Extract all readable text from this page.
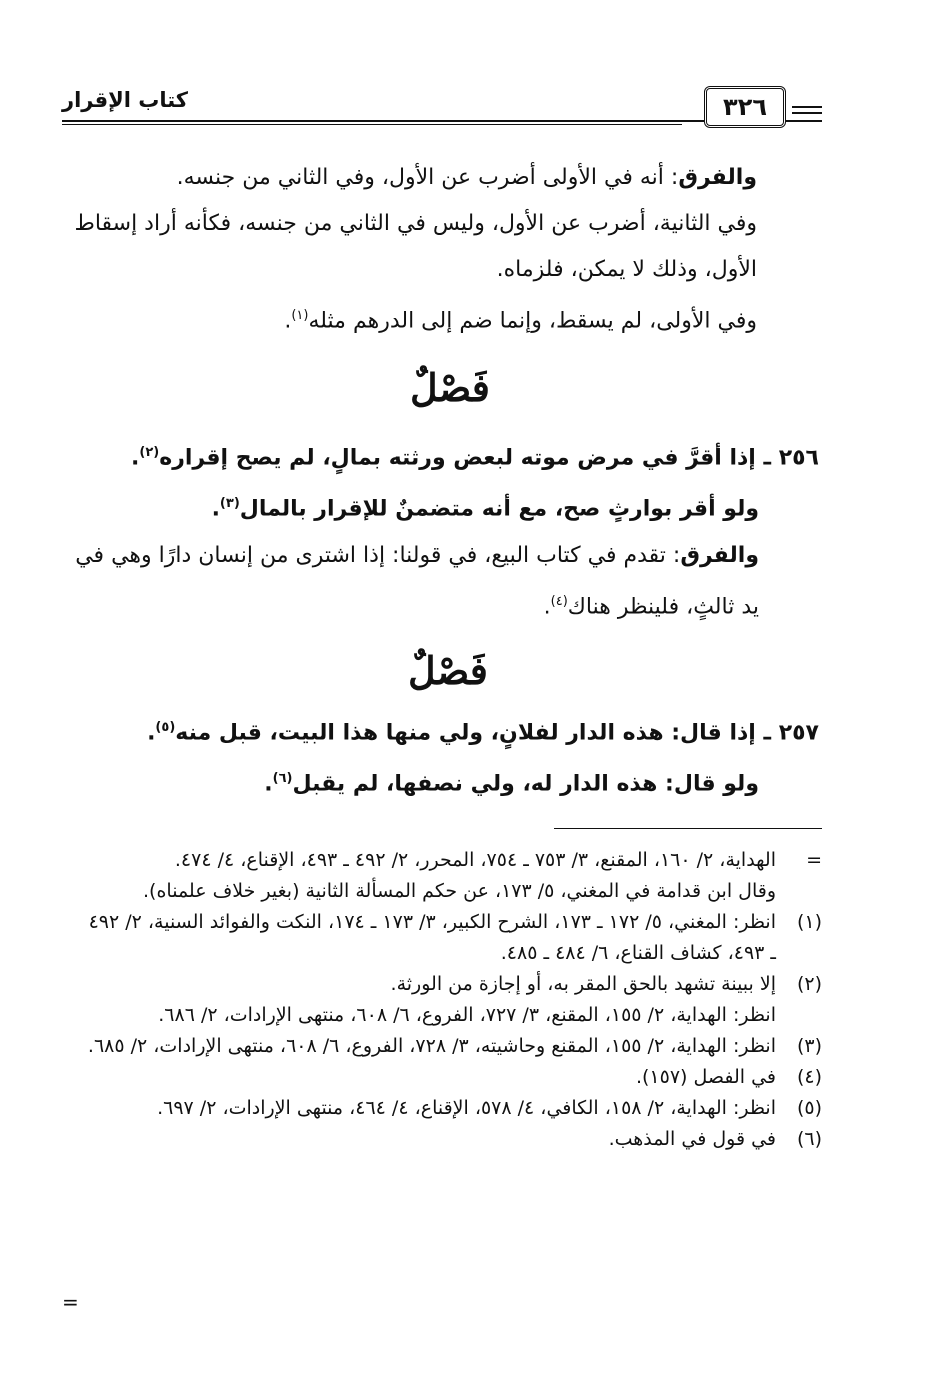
كتاب الإقرار	٣٢٦

والفرق: أنه في الأولى أضرب عن الأول، وفي الثاني من جنسه.

وفي الثانية، أضرب عن الأول، وليس في الثاني من جنسه، فكأنه أراد إسقاط الأول، وذلك لا يمكن، فلزماه.

وفي الأولى، لم يسقط، وإنما ضم إلى الدرهم مثله$^{(١)}$.

فَصْلٌ

٢٥٦ ـ إذا أقرَّ في مرض موته لبعض ورثته بمالٍ، لم يصح إقراره$^{(٢)}$.

ولو أقر بوارثٍ صح، مع أنه متضمنٌ للإقرار بالمال$^{(٣)}$.

والفرق: تقدم في كتاب البيع، في قولنا: إذا اشترى من إنسان دارًا وهي في يد ثالثٍ، فلينظر هناك$^{(٤)}$.

فَصْلٌ

٢٥٧ ـ إذا قال: هذه الدار لفلانٍ، ولي منها هذا البيت، قبل منه$^{(٥)}$.

ولو قال: هذه الدار له، ولي نصفها، لم يقبل$^{(٦)}$.

=
الهداية، ٢/ ١٦٠، المقنع، ٣/ ٧٥٣ ـ ٧٥٤، المحرر، ٢/ ٤٩٢ ـ ٤٩٣، الإقناع، ٤/ ٤٧٤.
وقال ابن قدامة في المغني، ٥/ ١٧٣، عن حكم المسألة الثانية (بغير خلاف علمناه).
(١)
انظر: المغني، ٥/ ١٧٢ ـ ١٧٣، الشرح الكبير، ٣/ ١٧٣ ـ ١٧٤، النكت والفوائد السنية، ٢/ ٤٩٢ ـ ٤٩٣، كشاف القناع، ٦/ ٤٨٤ ـ ٤٨٥.
(٢)
إلا ببينة تشهد بالحق المقر به، أو إجازة من الورثة.
انظر: الهداية، ٢/ ١٥٥، المقنع، ٣/ ٧٢٧، الفروع، ٦/ ٦٠٨، منتهى الإرادات، ٢/ ٦٨٦.
(٣)
انظر: الهداية، ٢/ ١٥٥، المقنع وحاشيته، ٣/ ٧٢٨، الفروع، ٦/ ٦٠٨، منتهى الإرادات، ٢/ ٦٨٥.
(٤)
في الفصل (١٥٧).
(٥)
انظر: الهداية، ٢/ ١٥٨، الكافي، ٤/ ٥٧٨، الإقناع، ٤/ ٤٦٤، منتهى الإرادات، ٢/ ٦٩٧.
(٦)
في قول في المذهب.
=
